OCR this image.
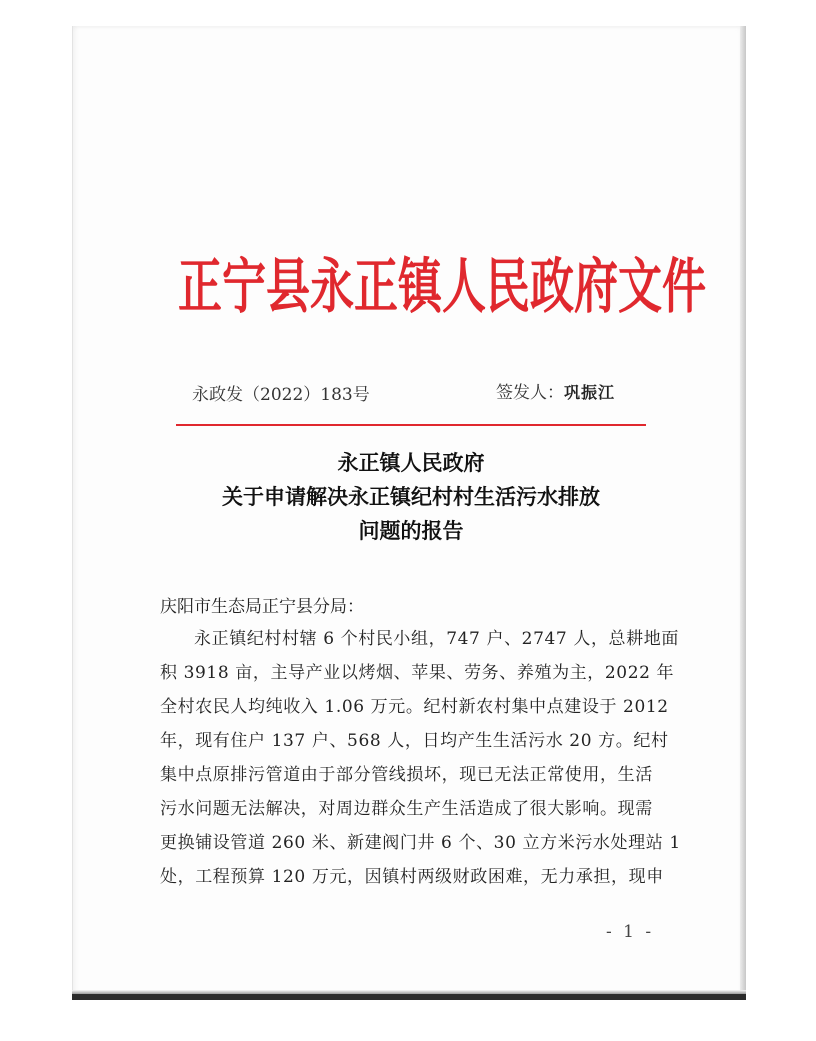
正宁县永正镇人民政府文件
永政发（2022）183号	签发人：巩振江
永正镇人民政府
关于申请解决永正镇纪村村生活污水排放
问题的报告
庆阳市生态局正宁县分局：
永正镇纪村村辖 6 个村民小组，747 户、2747 人，总耕地面
积 3918 亩，主导产业以烤烟、苹果、劳务、养殖为主，2022 年
全村农民人均纯收入 1.06 万元。纪村新农村集中点建设于 2012
年，现有住户 137 户、568 人，日均产生生活污水 20 方。纪村
集中点原排污管道由于部分管线损坏，现已无法正常使用，生活
污水问题无法解决，对周边群众生产生活造成了很大影响。现需
更换铺设管道 260 米、新建阀门井 6 个、30 立方米污水处理站 1
处，工程预算 120 万元，因镇村两级财政困难，无力承担，现申
- 1 -
